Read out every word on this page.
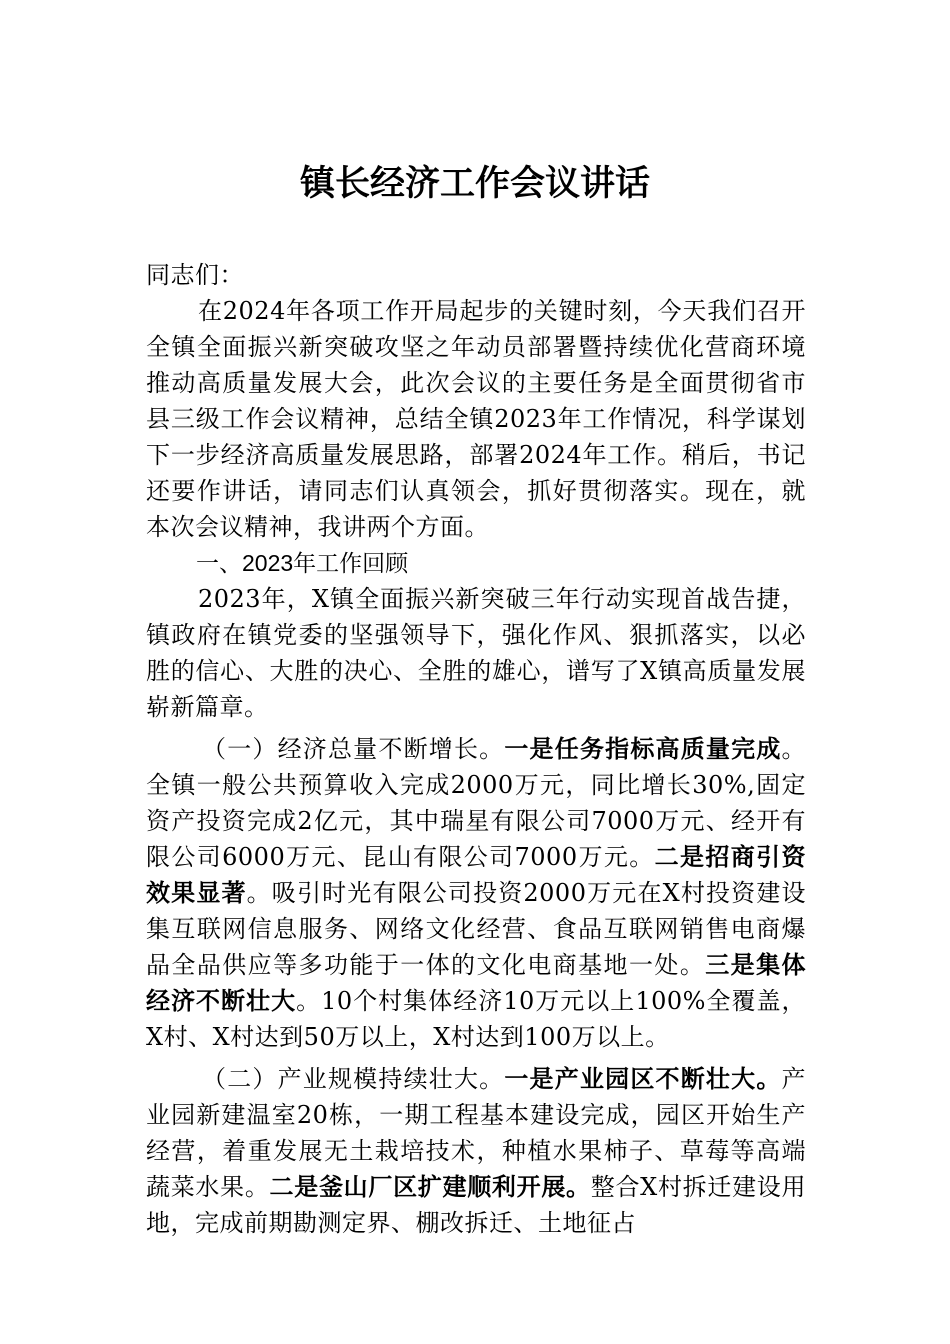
镇长经济工作会议讲话

同志们：

在2024年各项工作开局起步的关键时刻，今天我们召开全镇全面振兴新突破攻坚之年动员部署暨持续优化营商环境推动高质量发展大会，此次会议的主要任务是全面贯彻省市县三级工作会议精神，总结全镇2023年工作情况，科学谋划下一步经济高质量发展思路，部署2024年工作。稍后，书记还要作讲话，请同志们认真领会，抓好贯彻落实。现在，就本次会议精神，我讲两个方面。

一、2023年工作回顾

2023年，X镇全面振兴新突破三年行动实现首战告捷，镇政府在镇党委的坚强领导下，强化作风、狠抓落实，以必胜的信心、大胜的决心、全胜的雄心，谱写了X镇高质量发展崭新篇章。

（一）经济总量不断增长。一是任务指标高质量完成。全镇一般公共预算收入完成2000万元，同比增长30%,固定资产投资完成2亿元，其中瑞星有限公司7000万元、经开有限公司6000万元、昆山有限公司7000万元。二是招商引资效果显著。吸引时光有限公司投资2000万元在X村投资建设集互联网信息服务、网络文化经营、食品互联网销售电商爆品全品供应等多功能于一体的文化电商基地一处。三是集体经济不断壮大。10个村集体经济10万元以上100%全覆盖，X村、X村达到50万以上，X村达到100万以上。

（二）产业规模持续壮大。一是产业园区不断壮大。产业园新建温室20栋，一期工程基本建设完成，园区开始生产经营，着重发展无土栽培技术，种植水果柿子、草莓等高端蔬菜水果。二是釜山厂区扩建顺利开展。整合X村拆迁建设用地，完成前期勘测定界、棚改拆迁、土地征占
